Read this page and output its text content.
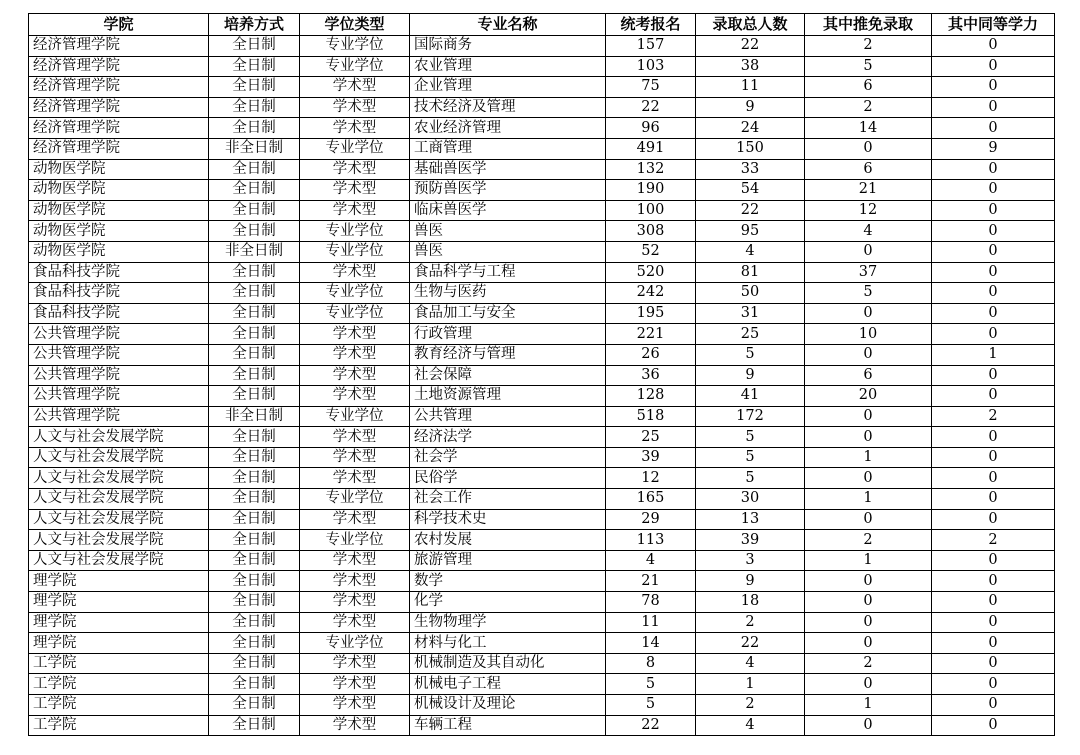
学院	培养方式	学位类型	专业名称	统考报名	录取总人数	其中推免录取	其中同等学力
经济管理学院	全日制	专业学位	国际商务	157	22	2	0
经济管理学院	全日制	专业学位	农业管理	103	38	5	0
经济管理学院	全日制	学术型	企业管理	75	11	6	0
经济管理学院	全日制	学术型	技术经济及管理	22	9	2	0
经济管理学院	全日制	学术型	农业经济管理	96	24	14	0
经济管理学院	非全日制	专业学位	工商管理	491	150	0	9
动物医学院	全日制	学术型	基础兽医学	132	33	6	0
动物医学院	全日制	学术型	预防兽医学	190	54	21	0
动物医学院	全日制	学术型	临床兽医学	100	22	12	0
动物医学院	全日制	专业学位	兽医	308	95	4	0
动物医学院	非全日制	专业学位	兽医	52	4	0	0
食品科技学院	全日制	学术型	食品科学与工程	520	81	37	0
食品科技学院	全日制	专业学位	生物与医药	242	50	5	0
食品科技学院	全日制	专业学位	食品加工与安全	195	31	0	0
公共管理学院	全日制	学术型	行政管理	221	25	10	0
公共管理学院	全日制	学术型	教育经济与管理	26	5	0	1
公共管理学院	全日制	学术型	社会保障	36	9	6	0
公共管理学院	全日制	学术型	土地资源管理	128	41	20	0
公共管理学院	非全日制	专业学位	公共管理	518	172	0	2
人文与社会发展学院	全日制	学术型	经济法学	25	5	0	0
人文与社会发展学院	全日制	学术型	社会学	39	5	1	0
人文与社会发展学院	全日制	学术型	民俗学	12	5	0	0
人文与社会发展学院	全日制	专业学位	社会工作	165	30	1	0
人文与社会发展学院	全日制	学术型	科学技术史	29	13	0	0
人文与社会发展学院	全日制	专业学位	农村发展	113	39	2	2
人文与社会发展学院	全日制	学术型	旅游管理	4	3	1	0
理学院	全日制	学术型	数学	21	9	0	0
理学院	全日制	学术型	化学	78	18	0	0
理学院	全日制	学术型	生物物理学	11	2	0	0
理学院	全日制	专业学位	材料与化工	14	22	0	0
工学院	全日制	学术型	机械制造及其自动化	8	4	2	0
工学院	全日制	学术型	机械电子工程	5	1	0	0
工学院	全日制	学术型	机械设计及理论	5	2	1	0
工学院	全日制	学术型	车辆工程	22	4	0	0
